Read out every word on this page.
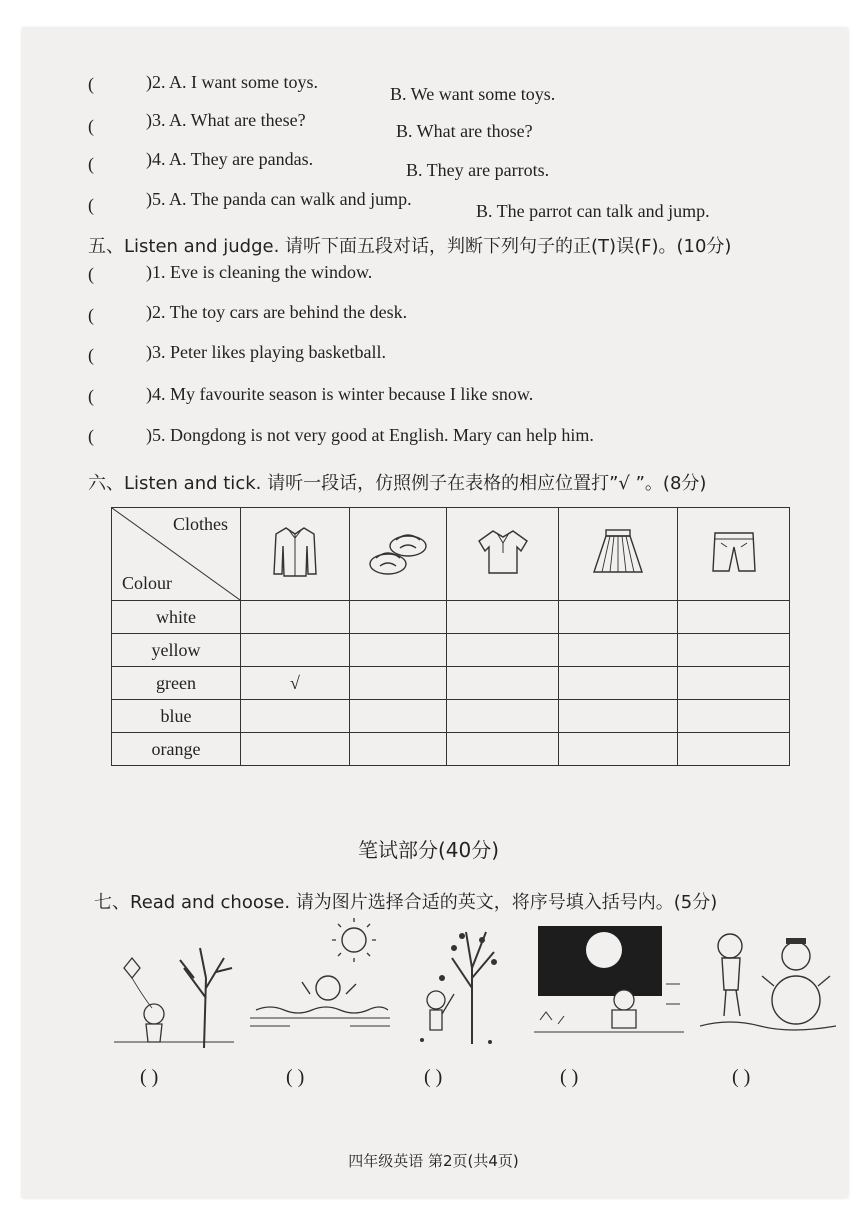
(	)2. A. I want some toys.
B. We want some toys.
(	)3. A. What are these?
B. What are those?
(	)4. A. They are pandas.
B. They are parrots.
(	)5. A. The panda can walk and jump.
B. The parrot can talk and jump.
五、Listen and judge. 请听下面五段对话，判断下列句子的正(T)误(F)。(10分)
(	)1. Eve is cleaning the window.
(	)2. The toy cars are behind the desk.
(	)3. Peter likes playing basketball.
(	)4. My favourite season is winter because I like snow.
(	)5. Dongdong is not very good at English. Mary can help him.
六、Listen and tick. 请听一段话，仿照例子在表格的相应位置打”√ ”。(8分)
Clothes
Colour

white					
yellow					
green	√				
blue					
orange					
笔试部分(40分)
七、Read and choose. 请为图片选择合适的英文，将序号填入括号内。(5分)
( )	( )	( )	( )	( )
四年级英语 第2页(共4页)
